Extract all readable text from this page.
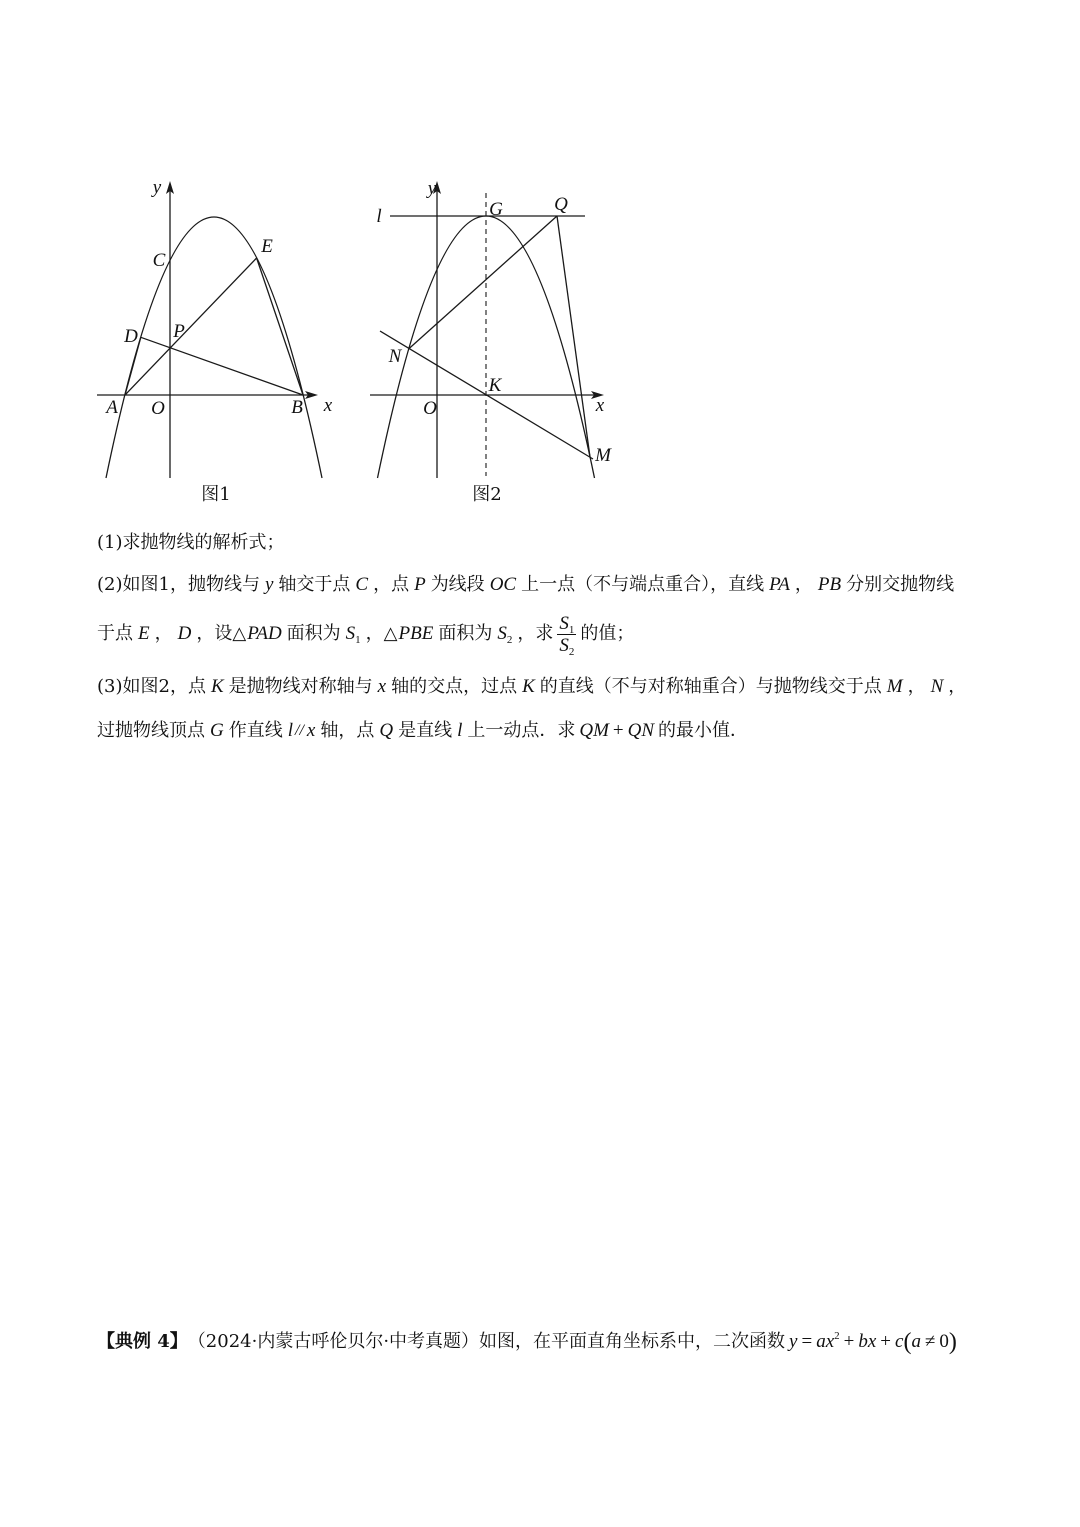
y
x
C
E
D P
A O	B
图1
y
x
O
l	G	Q
N
K
M
图2
(1)求抛物线的解析式；
(2)如图1，抛物线与 y 轴交于点 C ，点 P 为线段 OC 上一点（不与端点重合），直线 PA ， PB 分别交抛物线
于点 E ， D ，设△ PAD 面积为 $S_1$ ，△ PBE 面积为 $S_2$ ，求 $\frac{S_1}{S_2}$ 的值；
(3)如图2，点 K 是抛物线对称轴与 x 轴的交点，过点 K 的直线（不与对称轴重合）与抛物线交于点 M ， N ，
过抛物线顶点 G 作直线 l // x 轴，点 Q 是直线 l 上一动点．求 QM + QN 的最小值．
【典例 4】 （2024·内蒙古呼伦贝尔·中考真题）如图，在平面直角坐标系中，二次函数 $y = ax^2$ + bx + c ( a ≠ 0 )
